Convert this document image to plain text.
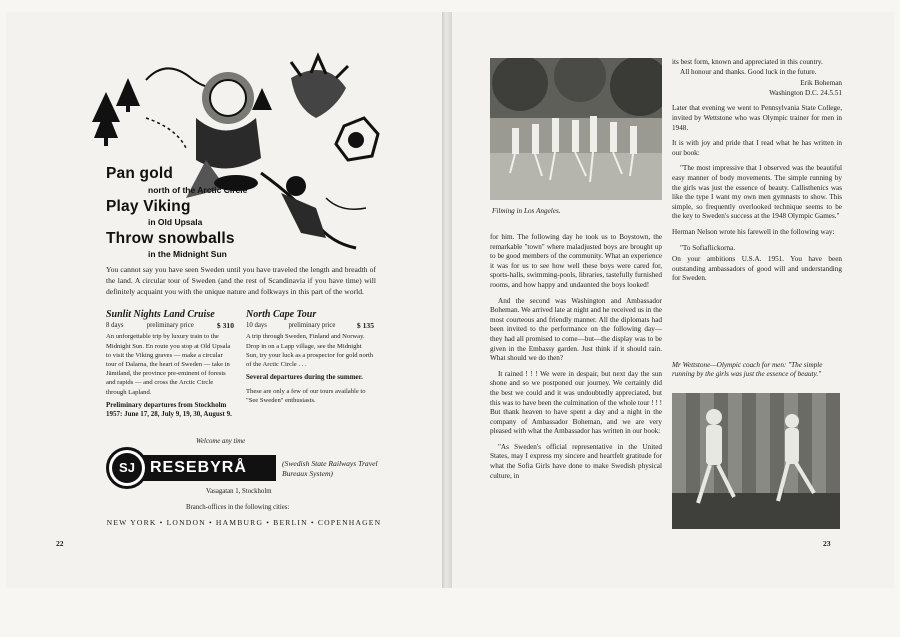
Pan gold
north of the Arctic Circle
Play Viking
in Old Upsala
Throw snowballs
in the Midnight Sun
You cannot say you have seen Sweden until you have traveled the length and breadth of the land. A circular tour of Sweden (and the rest of Scandinavia if you have time) will definitely acquaint you with the unique nature and folkways in this part of the world.
Sunlit Nights Land Cruise
8 days	preliminary price	$ 310
An unforgettable trip by luxury train to the Midnight Sun. En route you stop at Old Upsala to visit the Viking graves — make a circular tour of Dalarna, the heart of Sweden — take in Jämtland, the province pre-eminent of forests and rapids — and cross the Arctic Circle through Lapland.
Preliminary departures from Stockholm 1957: June 17, 28, July 9, 19, 30, August 9.
North Cape Tour
10 days	preliminary price	$ 135
A trip through Sweden, Finland and Norway. Drop in on a Lapp village, see the Midnight Sun, try your luck as a prospector for gold north of the Arctic Circle . . .
Several departures during the summer.
These are only a few of our tours available to "See Sweden" enthusiasts.
Welcome any time
RESEBYRÅ
SJ	(Swedish State Railways Travel Bureaux System)
Vasagatan 1, Stockholm
Branch-offices in the following cities:
NEW YORK • LONDON • HAMBURG • BERLIN • COPENHAGEN
22
Filming in Los Angeles.

for him. The following day he took us to Boystown, the remarkable "town" where maladjusted boys are brought up to be good members of the community. What an experience it was for us to see how well these boys were cared for, sports-halls, swimming-pools, libraries, tastefully furnished rooms, and how happy and undaunted the boys looked!

And the second was Washington and Ambassador Boheman. We arrived late at night and he received us in the most courteous and friendly manner. All the diplomats had been invited to the performance on the following day—they had all promised to come—but—the display was to be given in the Embassy garden. Just think if it should rain. What should we do then?

It rained ! ! ! We were in despair, but next day the sun shone and so we postponed our journey. We certainly did the best we could and it was undoubtedly appreciated, but this was to have been the culmination of the whole tour ! ! ! But thank heaven to have spent a day and a night in the company of Ambassador Boheman, and we are very pleased with what the Ambassador has written in our book:

"As Sweden's official representative in the United States, may I express my sincere and heartfelt gratitude for what the Sofia Girls have done to make Swedish physical culture, in

its best form, known and appreciated in this country.

All honour and thanks. Good luck in the future.

Erik Boheman
Washington D.C. 24.5.51

Later that evening we went to Pennsylvania State College, invited by Wettstone who was Olympic trainer for men in 1948.

It is with joy and pride that I read what he has written in our book:

"The most impressive that I observed was the beautiful easy manner of body movements. The simple running by the girls was just the essence of beauty. Callisthenics was like the type I want my own men gymnasts to show. This simple, so frequently overlooked technique seems to be the key to Sweden's success at the 1948 Olympic Games."

Herman Nelson wrote his farewell in the following way:

"To Sofiaflickorna.

On your ambitions U.S.A. 1951. You have been outstanding ambassadors of good will and understanding for Sweden.

Mr Wettstone—Olympic coach for men: "The simple running by the girls was just the essence of beauty."
23
